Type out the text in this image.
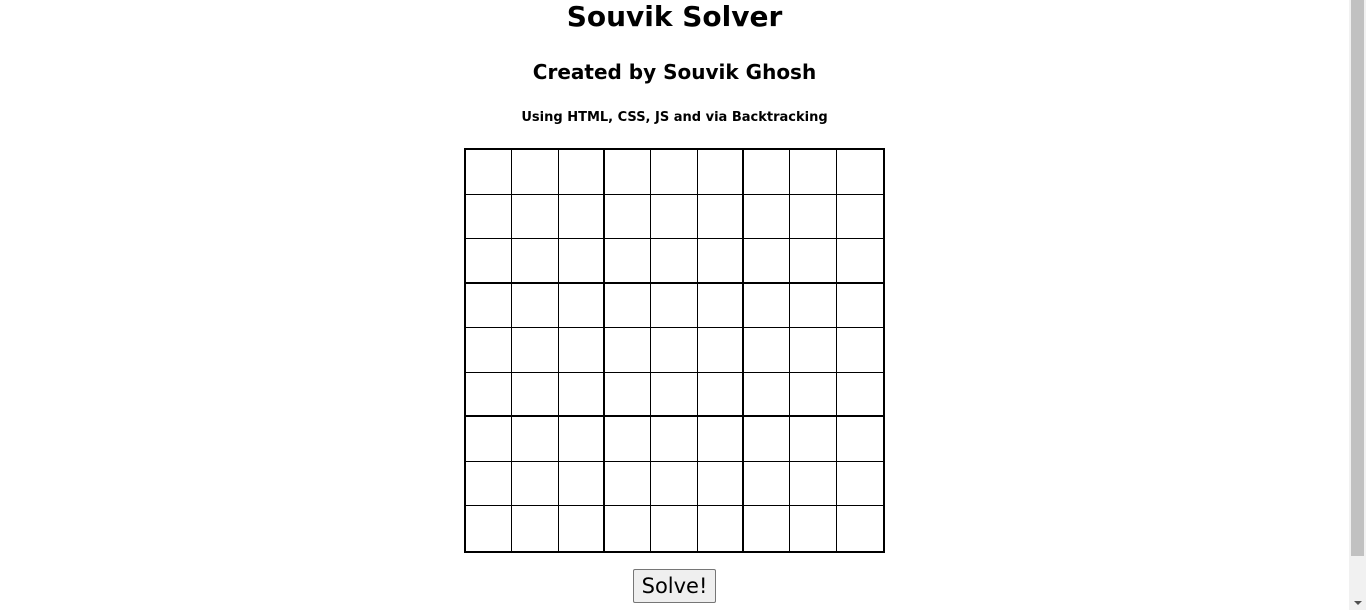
Souvik Solver
Created by Souvik Ghosh
Using HTML, CSS, JS and via Backtracking
Solve!
